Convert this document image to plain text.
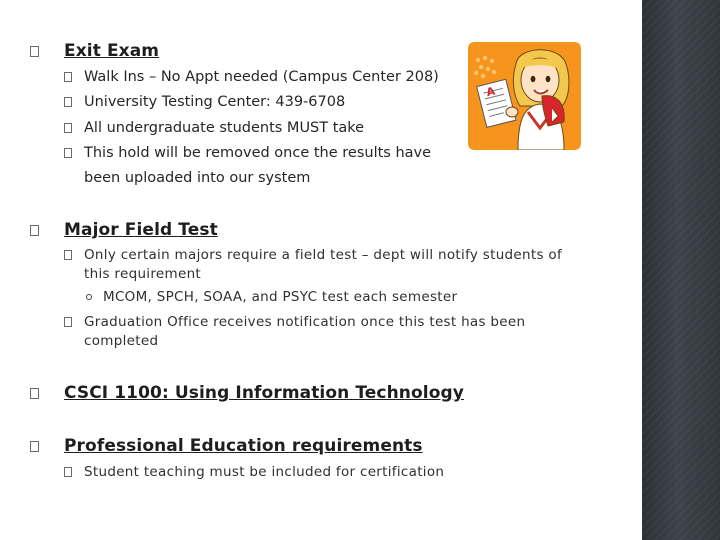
Exit Exam
Walk Ins – No Appt needed (Campus Center 208)
University Testing Center: 439-6708
All undergraduate students MUST take
This hold will be removed once the results have
been uploaded into our system
A
Major Field Test
Only certain majors require a field test – dept will notify students of
this requirement
MCOM, SPCH, SOAA, and PSYC test each semester
Graduation Office receives notification once this test has been
completed
CSCI 1100: Using Information Technology
Professional Education requirements
Student teaching must be included for certification
